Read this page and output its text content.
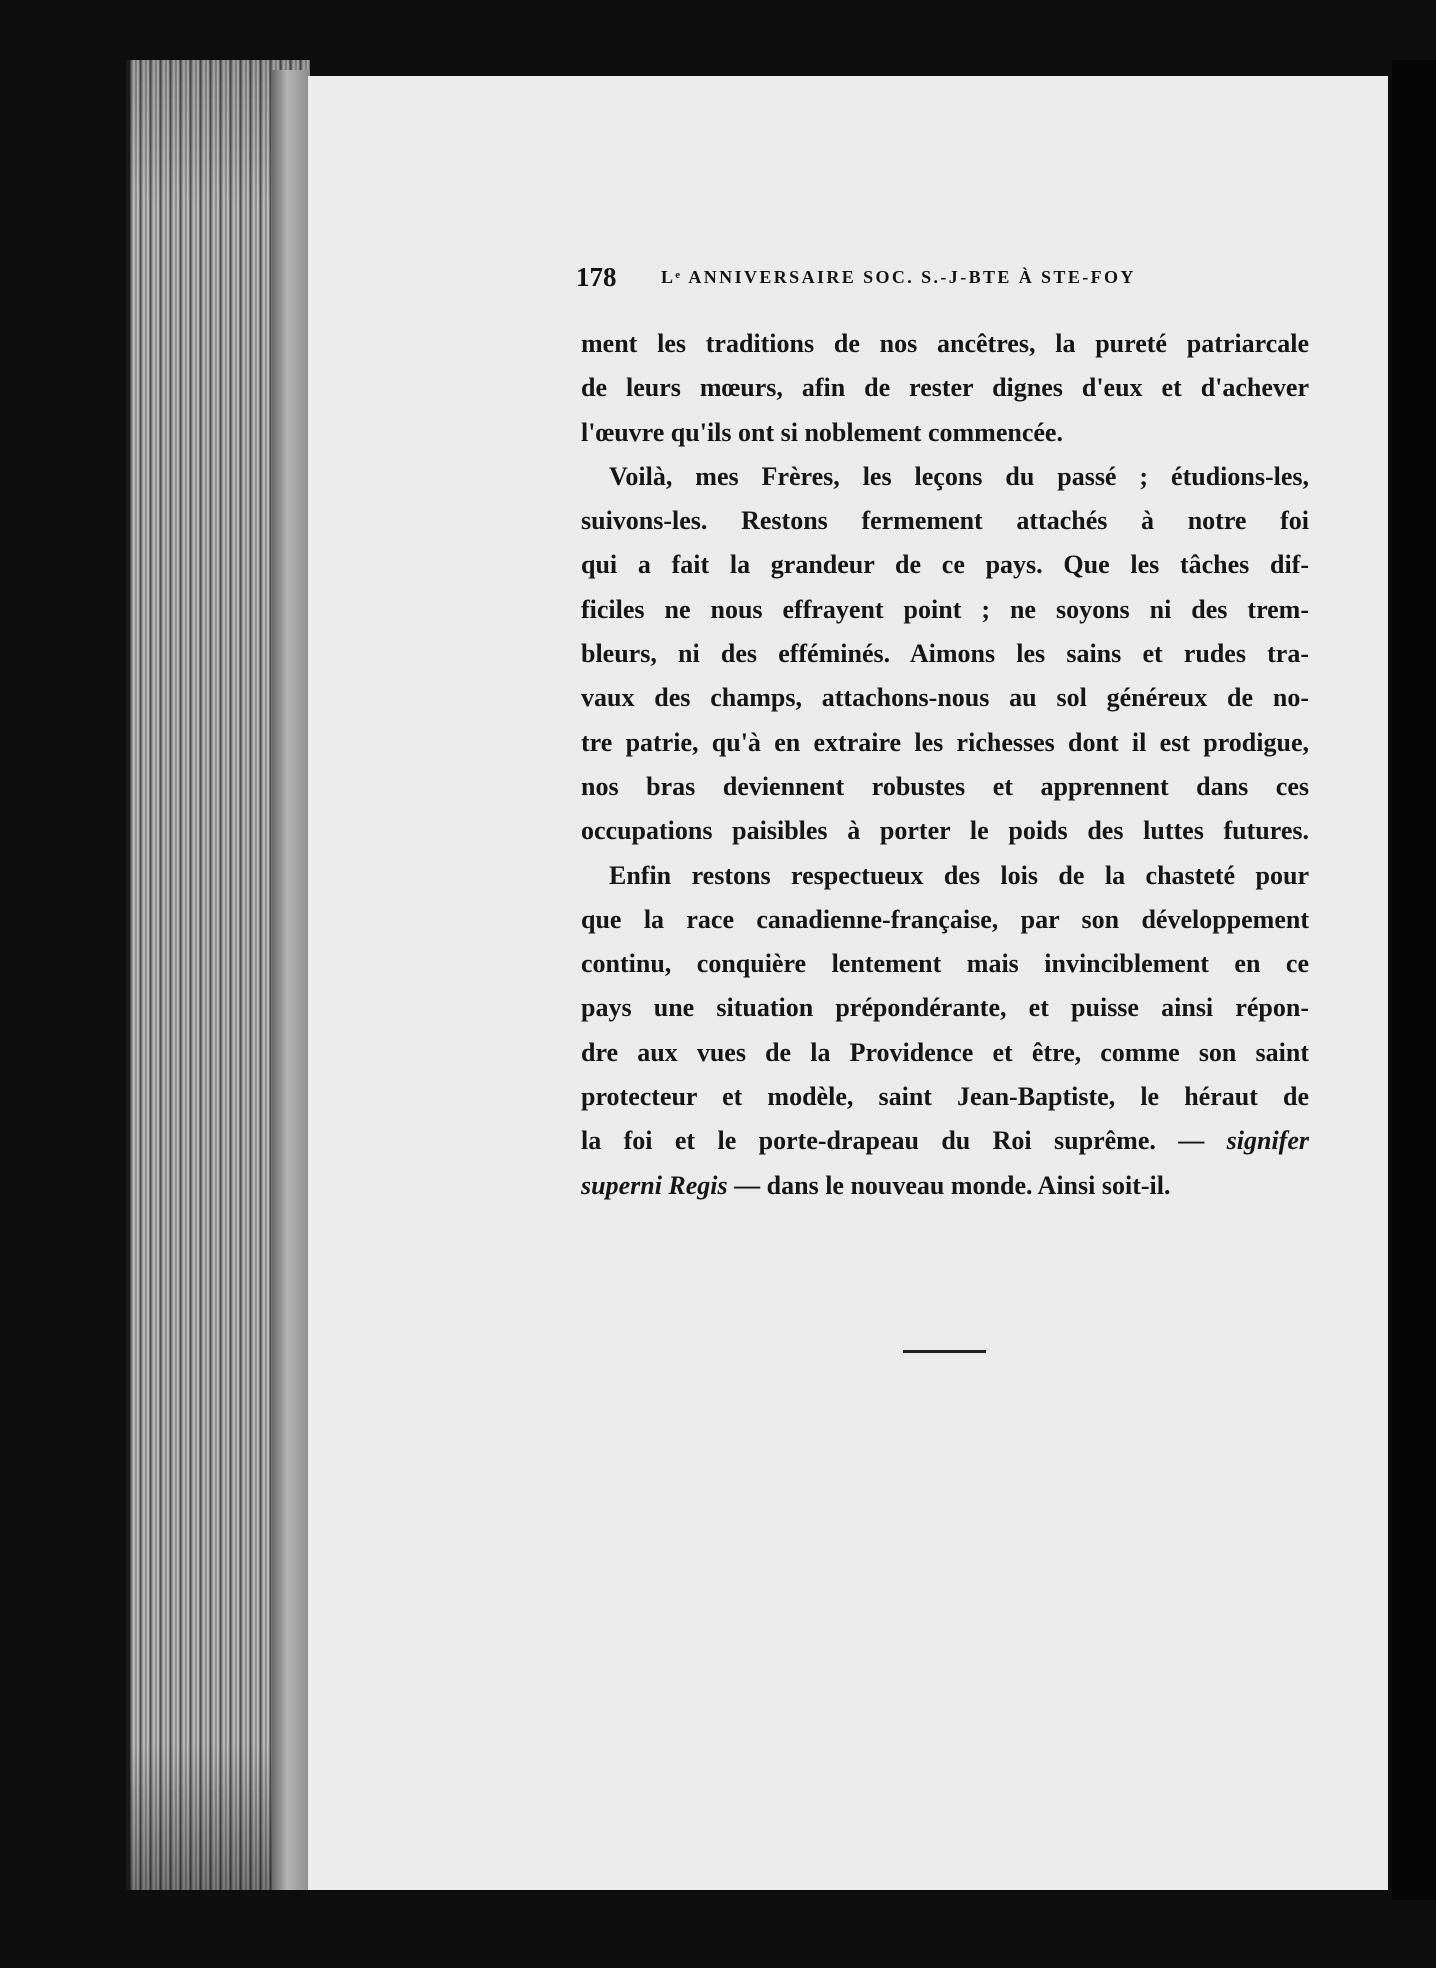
178 Lᵉ ANNIVERSAIRE SOC. S.-J-BTE À STE-FOY
ment les traditions de nos ancêtres, la pureté patriarcale
de leurs mœurs, afin de rester dignes d'eux et d'achever
l'œuvre qu'ils ont si noblement commencée.
Voilà, mes Frères, les leçons du passé ; étudions-les,
suivons-les. Restons fermement attachés à notre foi
qui a fait la grandeur de ce pays. Que les tâches dif-
ficiles ne nous effrayent point ; ne soyons ni des trem-
bleurs, ni des efféminés. Aimons les sains et rudes tra-
vaux des champs, attachons-nous au sol généreux de no-
tre patrie, qu'à en extraire les richesses dont il est prodigue,
nos bras deviennent robustes et apprennent dans ces
occupations paisibles à porter le poids des luttes futures.
Enfin restons respectueux des lois de la chasteté pour
que la race canadienne-française, par son développement
continu, conquière lentement mais invinciblement en ce
pays une situation prépondérante, et puisse ainsi répon-
dre aux vues de la Providence et être, comme son saint
protecteur et modèle, saint Jean-Baptiste, le héraut de
la foi et le porte-drapeau du Roi suprême. — signifer
superni Regis — dans le nouveau monde. Ainsi soit-il.
